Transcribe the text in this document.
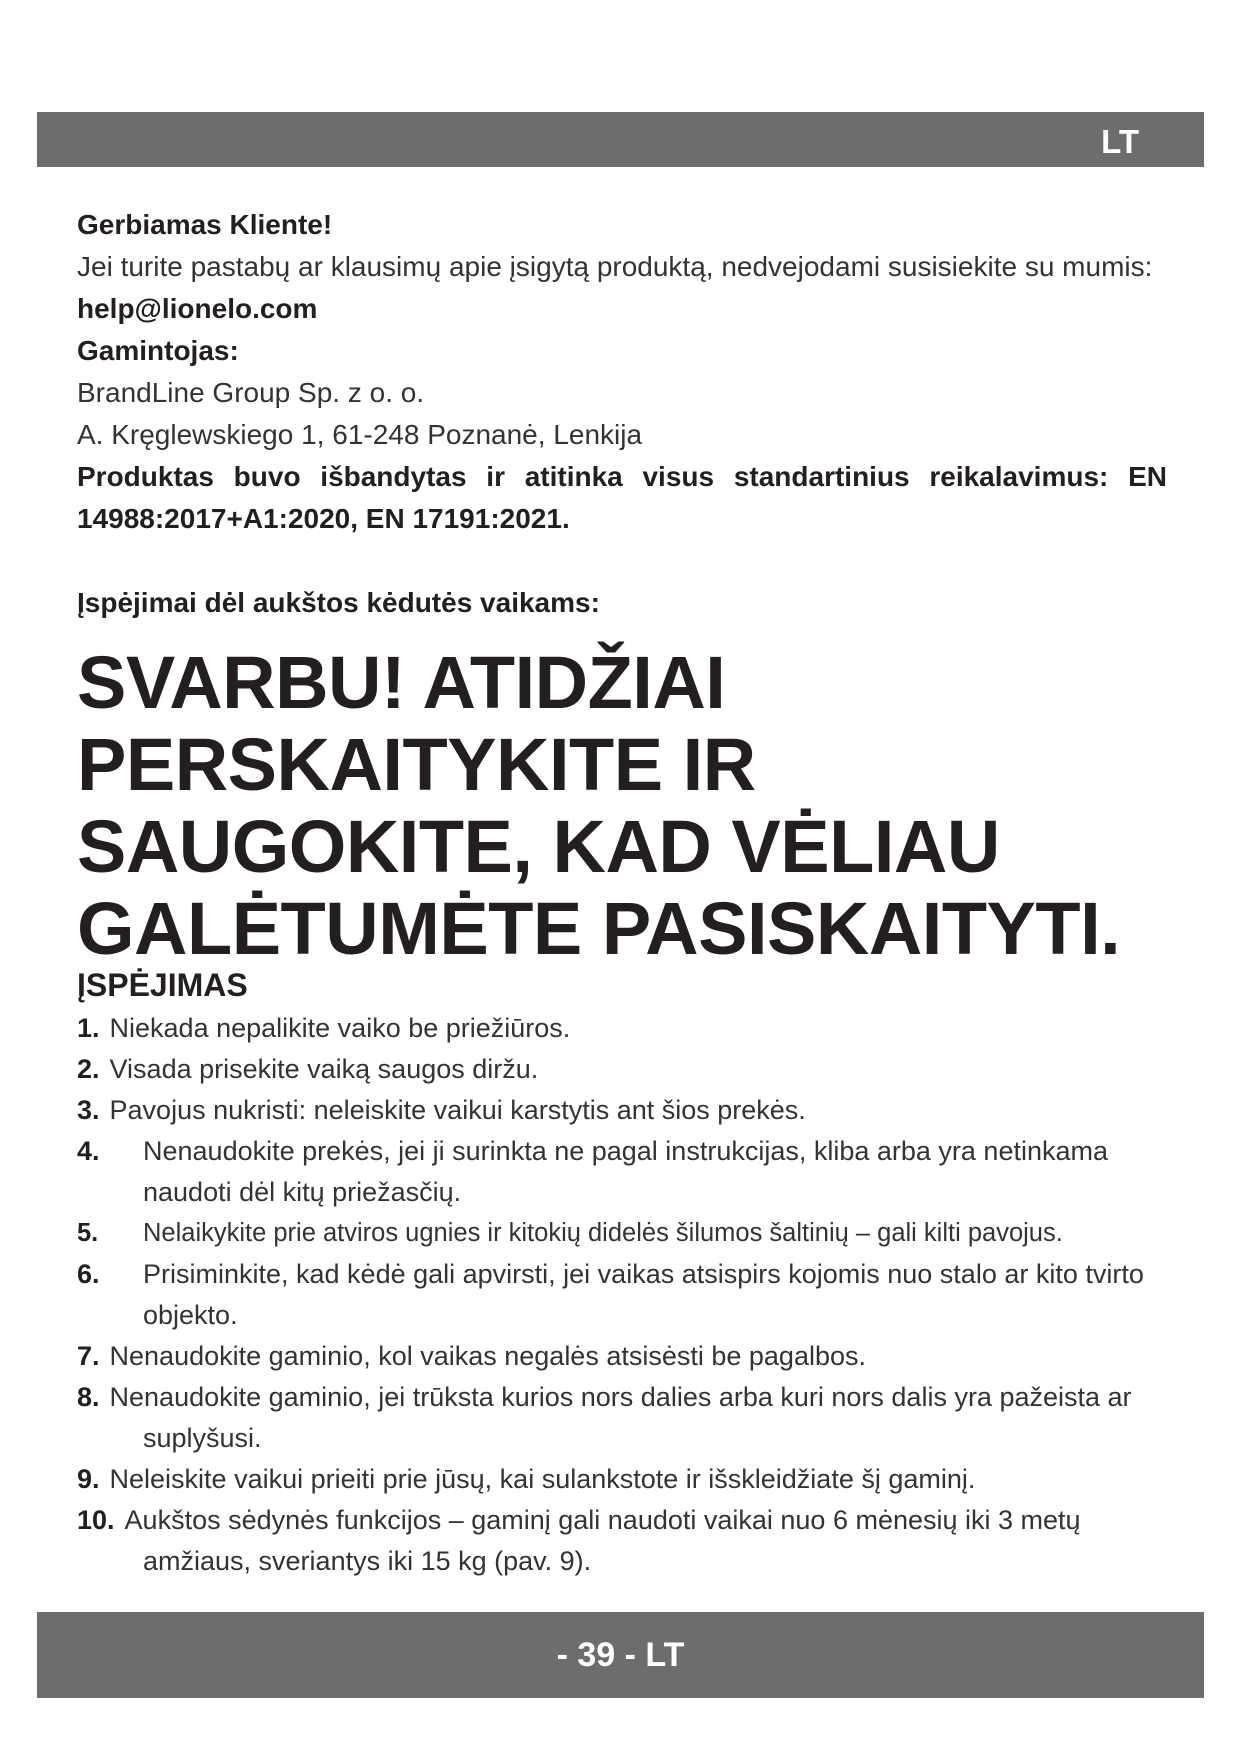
LT
Gerbiamas Kliente!
Jei turite pastabų ar klausimų apie įsigytą produktą, nedvejodami susisiekite su mumis: help@lionelo.com
Gamintojas:
BrandLine Group Sp. z o. o.
A. Kręglewskiego 1, 61-248 Poznanė, Lenkija
Produktas buvo išbandytas ir atitinka visus standartinius reikalavimus: EN 14988:2017+A1:2020, EN 17191:2021.
Įspėjimai dėl aukštos kėdutės vaikams:
SVARBU! ATIDŽIAI PERSKAITYKITE IR SAUGOKITE, KAD VĖLIAU GALĖTUMĖTE PASISKAITYTI.
ĮSPĖJIMAS
1. Niekada nepalikite vaiko be priežiūros.
2. Visada prisekite vaiką saugos diržu.
3. Pavojus nukristi: neleiskite vaikui karstytis ant šios prekės.
4. Nenaudokite prekės, jei ji surinkta ne pagal instrukcijas, kliba arba yra netinkama naudoti dėl kitų priežasčių.
5. Nelaikykite prie atviros ugnies ir kitokių didelės šilumos šaltinių – gali kilti pavojus.
6. Prisiminkite, kad kėdė gali apvirsti, jei vaikas atsispirs kojomis nuo stalo ar kito tvirto objekto.
7. Nenaudokite gaminio, kol vaikas negalės atsisėsti be pagalbos.
8. Nenaudokite gaminio, jei trūksta kurios nors dalies arba kuri nors dalis yra pažeista ar suplyšusi.
9. Neleiskite vaikui prieiti prie jūsų, kai sulankstote ir išskleidžiate šį gaminį.
10. Aukštos sėdynės funkcijos – gaminį gali naudoti vaikai nuo 6 mėnesių iki 3 metų amžiaus, sveriantys iki 15 kg (pav. 9).
- 39 - LT
